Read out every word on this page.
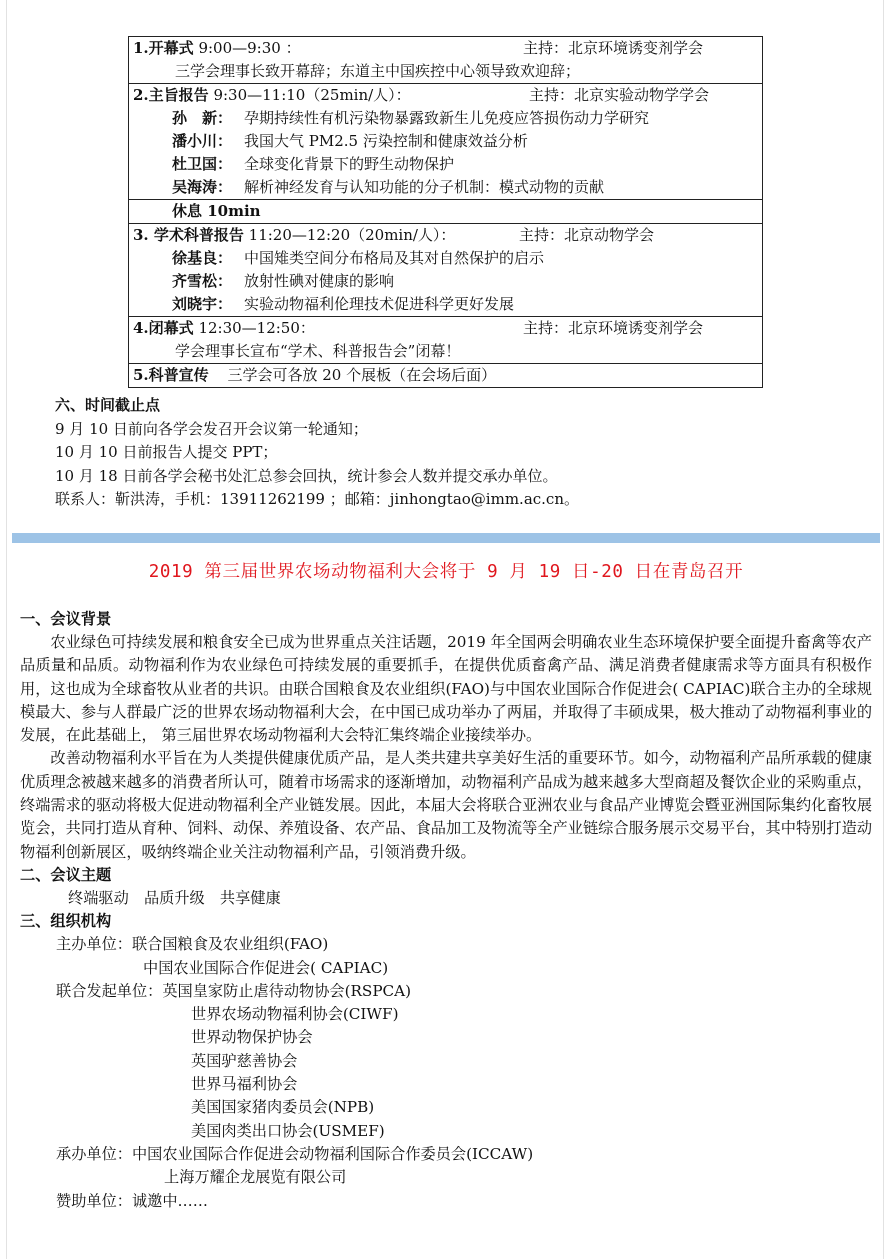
1.开幕式 9:00—9:30 ：	主持：北京环境诱变剂学会
三学会理事长致开幕辞；东道主中国疾控中心领导致欢迎辞；

2.主旨报告 9:30—11:10（25min/人）：	主持：北京实验动物学学会
孙　新： 孕期持续性有机污染物暴露致新生儿免疫应答损伤动力学研究
潘小川： 我国大气 PM2.5 污染控制和健康效益分析
杜卫国： 全球变化背景下的野生动物保护
吴海涛： 解析神经发育与认知功能的分子机制：模式动物的贡献

休息 10min

3. 学术科普报告 11:20—12:20（20min/人）：	主持：北京动物学会
徐基良： 中国雉类空间分布格局及其对自然保护的启示
齐雪松： 放射性碘对健康的影响
刘晓宇： 实验动物福利伦理技术促进科学更好发展

4.闭幕式 12:30—12:50：	主持：北京环境诱变剂学会
学会理事长宣布“学术、科普报告会”闭幕！

5.科普宣传 三学会可各放 20 个展板（在会场后面）
六、时间截止点
9 月 10 日前向各学会发召开会议第一轮通知；
10 月 10 日前报告人提交 PPT；
10 月 18 日前各学会秘书处汇总参会回执，统计参会人数并提交承办单位。
联系人：靳洪涛，手机：13911262199 ；邮箱：jinhongtao@imm.ac.cn。
2019 第三届世界农场动物福利大会将于 9 月 19 日-20 日在青岛召开
一、会议背景

农业绿色可持续发展和粮食安全已成为世界重点关注话题，2019 年全国两会明确农业生态环境保护要全面提升畜禽等农产品质量和品质。动物福利作为农业绿色可持续发展的重要抓手，在提供优质畜禽产品、满足消费者健康需求等方面具有积极作用，这也成为全球畜牧从业者的共识。由联合国粮食及农业组织(FAO)与中国农业国际合作促进会( CAPIAC)联合主办的全球规模最大、参与人群最广泛的世界农场动物福利大会，在中国已成功举办了两届，并取得了丰硕成果，极大推动了动物福利事业的发展，在此基础上， 第三届世界农场动物福利大会特汇集终端企业接续举办。

改善动物福利水平旨在为人类提供健康优质产品，是人类共建共享美好生活的重要环节。如今，动物福利产品所承载的健康优质理念被越来越多的消费者所认可，随着市场需求的逐渐增加，动物福利产品成为越来越多大型商超及餐饮企业的采购重点，终端需求的驱动将极大促进动物福利全产业链发展。因此，本届大会将联合亚洲农业与食品产业博览会暨亚洲国际集约化畜牧展览会，共同打造从育种、饲料、动保、养殖设备、农产品、食品加工及物流等全产业链综合服务展示交易平台，其中特别打造动物福利创新展区，吸纳终端企业关注动物福利产品，引领消费升级。

二、会议主题
终端驱动　品质升级　共享健康
三、组织机构
主办单位：联合国粮食及农业组织(FAO)
中国农业国际合作促进会( CAPIAC)
联合发起单位：英国皇家防止虐待动物协会(RSPCA)
世界农场动物福利协会(CIWF)
世界动物保护协会
英国驴慈善协会
世界马福利协会
美国国家猪肉委员会(NPB)
美国肉类出口协会(USMEF)
承办单位：中国农业国际合作促进会动物福利国际合作委员会(ICCAW)
上海万耀企龙展览有限公司
赞助单位：诚邀中……
